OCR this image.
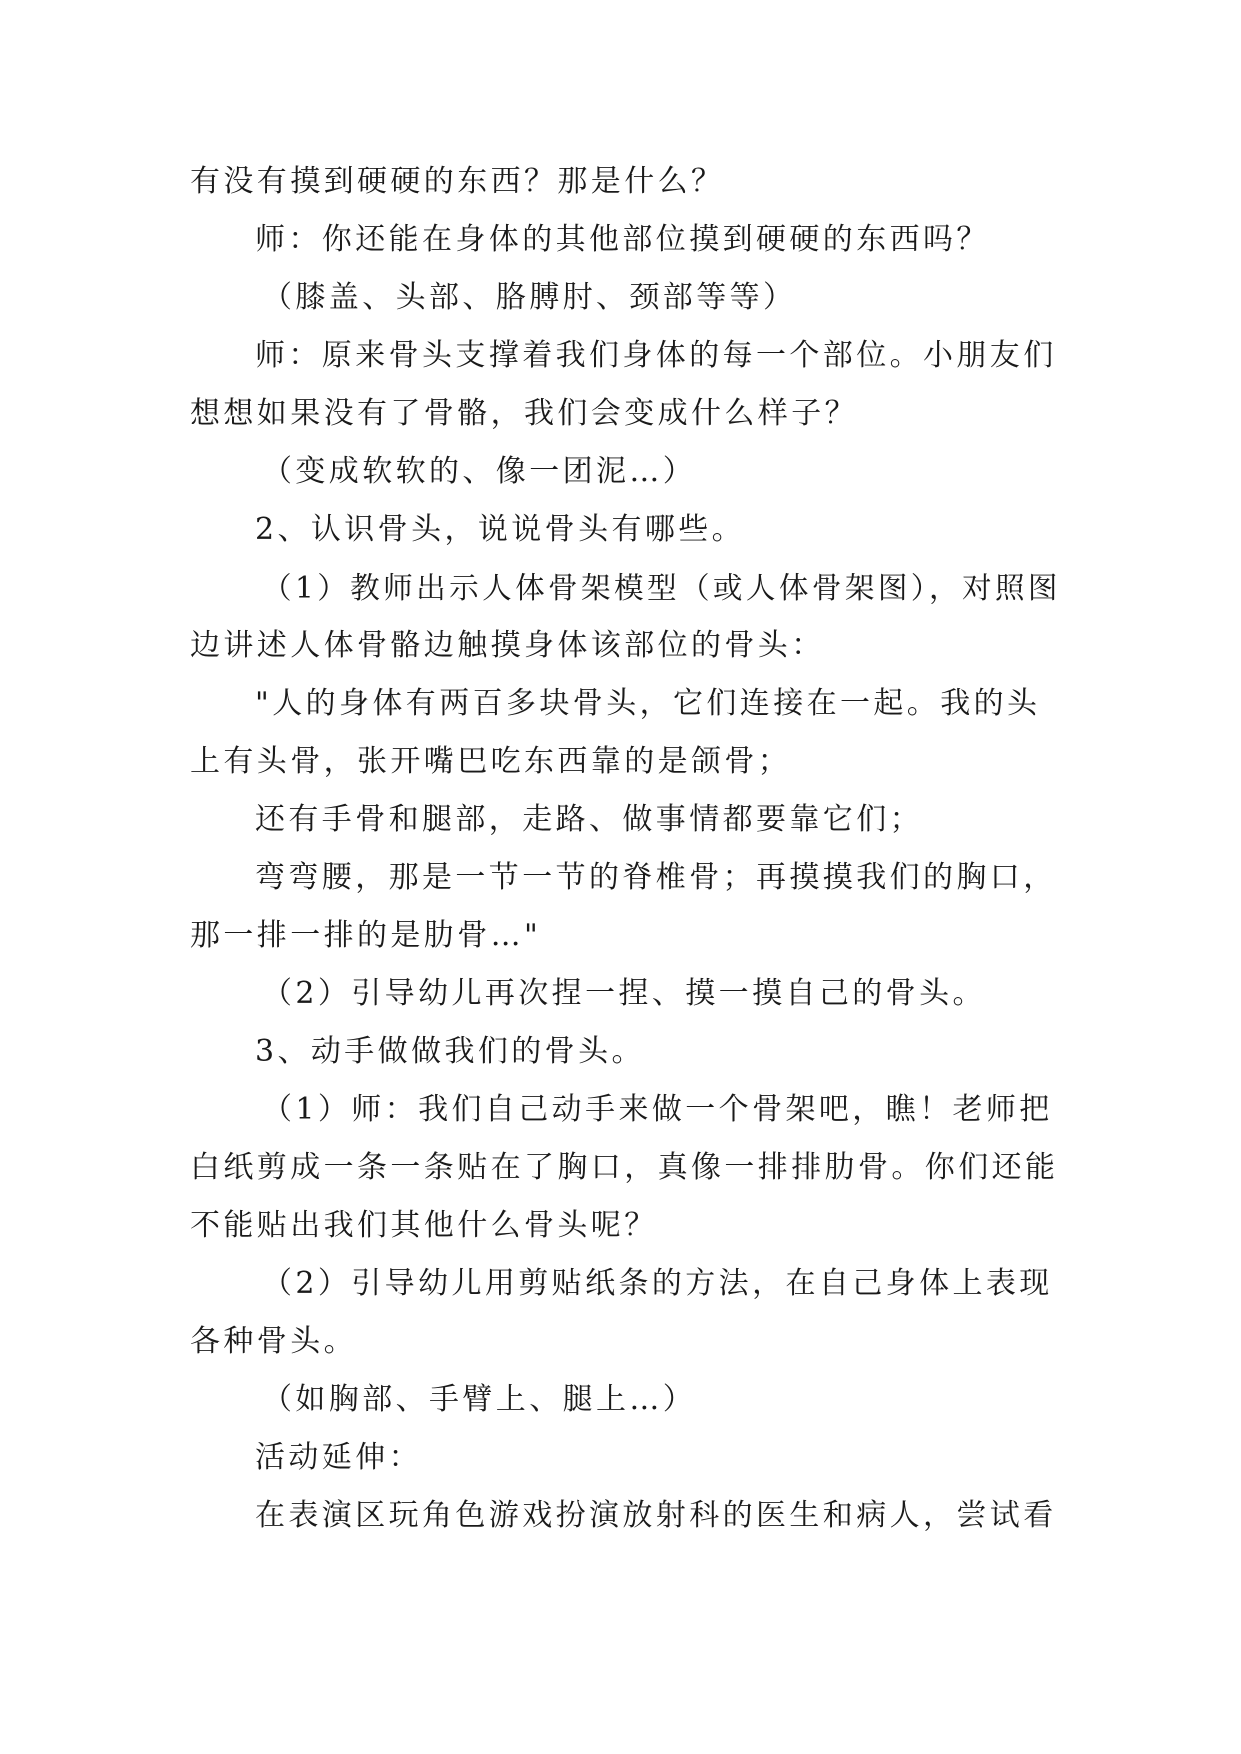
有没有摸到硬硬的东西？那是什么？
师：你还能在身体的其他部位摸到硬硬的东西吗？
（膝盖、头部、胳膊肘、颈部等等）
师：原来骨头支撑着我们身体的每一个部位。小朋友们
想想如果没有了骨骼，我们会变成什么样子？
（变成软软的、像一团泥…）
2、认识骨头，说说骨头有哪些。
（1）教师出示人体骨架模型（或人体骨架图），对照图
边讲述人体骨骼边触摸身体该部位的骨头：
"人的身体有两百多块骨头，它们连接在一起。我的头
上有头骨，张开嘴巴吃东西靠的是颌骨；
还有手骨和腿部，走路、做事情都要靠它们；
弯弯腰，那是一节一节的脊椎骨；再摸摸我们的胸口，
那一排一排的是肋骨…"
（2）引导幼儿再次捏一捏、摸一摸自己的骨头。
3、动手做做我们的骨头。
（1）师：我们自己动手来做一个骨架吧，瞧！老师把
白纸剪成一条一条贴在了胸口，真像一排排肋骨。你们还能
不能贴出我们其他什么骨头呢？
（2）引导幼儿用剪贴纸条的方法，在自己身体上表现
各种骨头。
（如胸部、手臂上、腿上…）
活动延伸：
在表演区玩角色游戏扮演放射科的医生和病人，尝试看
